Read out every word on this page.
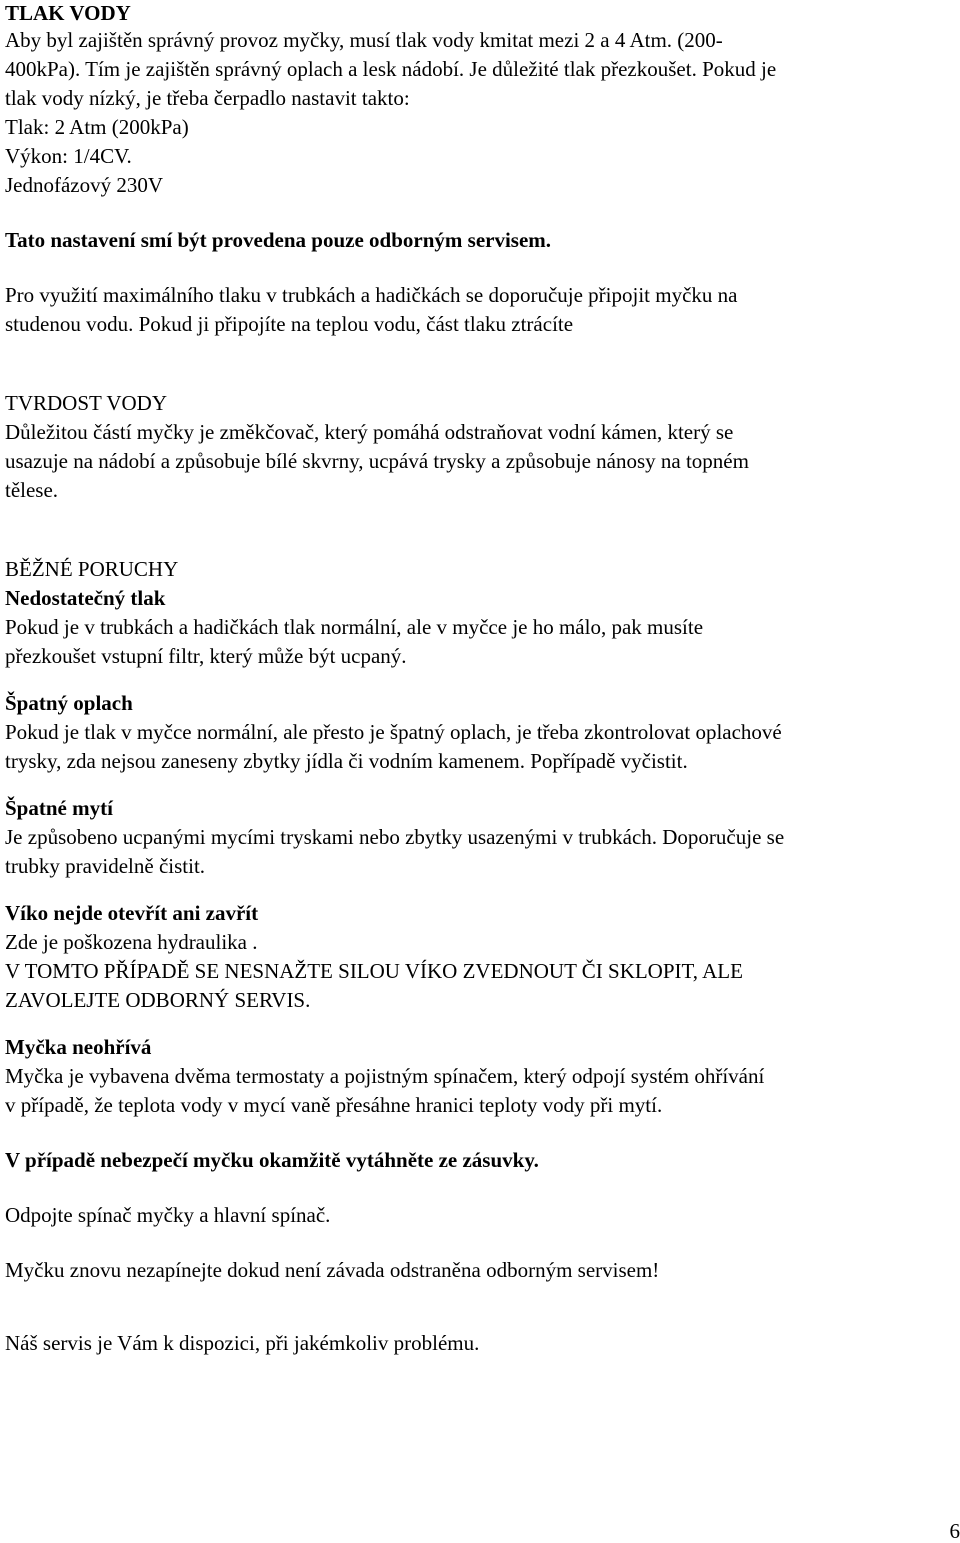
TLAK VODY

Aby byl zajištěn správný provoz myčky, musí tlak vody kmitat mezi 2 a 4 Atm. (200-

400kPa). Tím je zajištěn správný oplach a lesk nádobí. Je důležité tlak přezkoušet. Pokud je

tlak vody nízký, je třeba čerpadlo nastavit takto:

Tlak: 2 Atm (200kPa)

Výkon: 1/4CV.

Jednofázový 230V

Tato nastavení smí být provedena pouze odborným servisem.

Pro využití maximálního tlaku v trubkách a hadičkách se doporučuje připojit myčku na

studenou vodu. Pokud ji připojíte na teplou vodu, část tlaku ztrácíte

TVRDOST VODY

Důležitou částí myčky je změkčovač, který pomáhá odstraňovat vodní kámen, který se

usazuje na nádobí a způsobuje bílé skvrny, ucpává trysky a způsobuje nánosy na topném

tělese.

BĚŽNÉ PORUCHY

Nedostatečný tlak

Pokud je v trubkách a hadičkách tlak normální, ale v myčce je ho málo, pak musíte

přezkoušet vstupní filtr, který může být ucpaný.

Špatný oplach

Pokud je tlak v myčce normální, ale přesto je špatný oplach, je třeba zkontrolovat oplachové

trysky, zda nejsou zaneseny zbytky jídla či vodním kamenem. Popřípadě vyčistit.

Špatné mytí

Je způsobeno ucpanými mycími tryskami nebo zbytky usazenými v trubkách. Doporučuje se

trubky pravidelně čistit.

Víko nejde otevřít ani zavřít

Zde je poškozena hydraulika .

V TOMTO PŘÍPADĚ SE NESNAŽTE SILOU VÍKO ZVEDNOUT ČI SKLOPIT, ALE

ZAVOLEJTE ODBORNÝ SERVIS.

Myčka neohřívá

Myčka je vybavena dvěma termostaty a pojistným spínačem, který odpojí systém ohřívání

v případě, že teplota vody v mycí vaně přesáhne hranici teploty vody při mytí.

V případě nebezpečí myčku okamžitě vytáhněte ze zásuvky.

Odpojte spínač myčky a hlavní spínač.

Myčku znovu nezapínejte dokud není závada odstraněna odborným servisem!

Náš servis je Vám k dispozici, při jakémkoliv problému.

6
